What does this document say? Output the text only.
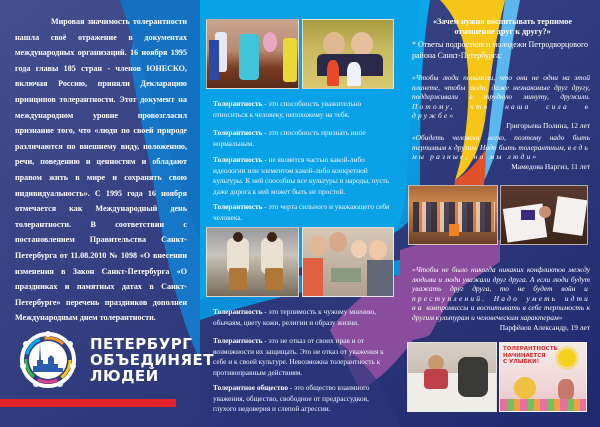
Мировая значимость толерантности нашла своё отражение в документах международных организаций. 16 ноября 1995 года главы 185 стран - членов ЮНЕСКО, включая Россию, приняли Декларацию принципов толерантности. Этот документ на международном уровне провозгласил признание того, что «люди по своей природе различаются по внешнему виду, положению, речи, поведению и ценностям и обладают правом жить в мире и сохранять свою индивидуальность». С 1995 года 16 ноября отмечается как Международный день толерантности. В соответствии с постановлением Правительства Санкт-Петербурга от 11.08.2010 № 1098 «О внесении изменения в Закон Санкт-Петербурга «О праздниках и памятных датах в Санкт-Петербурге» перечень праздников дополнен Международным днем толерантности.

ПЕТЕРБУРГ
ОБЪЕДИНЯЕТ
ЛЮДЕЙ

Толерантность - это способность уважительно относиться к человеку, непохожему на тебя.

Толерантность - это способность признать иное нормальным.

Толерантность - не является частью какой-либо идеологии или элементом какой-либо конкретной культуры. К ней способны все культуры и народы, пусть даже дорога к ней может быть не простой.

Толерантность - это черта сильного и уважающего себя человека.

Толерантность - это терпимость к чужому мнению, обычаям, цвету кожи, религии и образу жизни.

Толерантность - это не отказ от своих прав и от возможности их защищать. Это не отказ от уважения к себе и к своей культуре. Невозможна толерантность к противоправным действиям.

Толерантное общество - это общество взаимного уважения, общество, свободное от предрассудков, глухого недоверия и слепой агрессии.

«Зачем нужно воспитывать терпимое отношение друг к другу?»

* Ответы подростков и молодежи Петродворцового района Санкт-Петербурга:

«Чтобы люди понимали, что они не одни на этой планете, чтобы люди, даже незнакомые друг другу, поддерживали в трудную минуту, дружили. Потому, что наша сила в дружбе»
Григорьева Полина, 12 лет

«Обидеть человека легко, поэтому надо быть терпимым к другим. Надо быть толерантным, ведь мы разные, но мы люди»
Мамедова Наргиз, 11 лет

«Чтобы не было никогда никаких конфликтов между людьми и люди уважали друг друга. А если люди будут уважать друг друга, то не будет войн и преступлений. Надо уметь идти на компромиссы и воспитывать в себе терпимость к другим культурам и человеческим характерам»
Парфёнов Александр, 19 лет

ТОЛЕРАНТНОСТЬ НАЧИНАЕТСЯ С УЛЫБКИ!
